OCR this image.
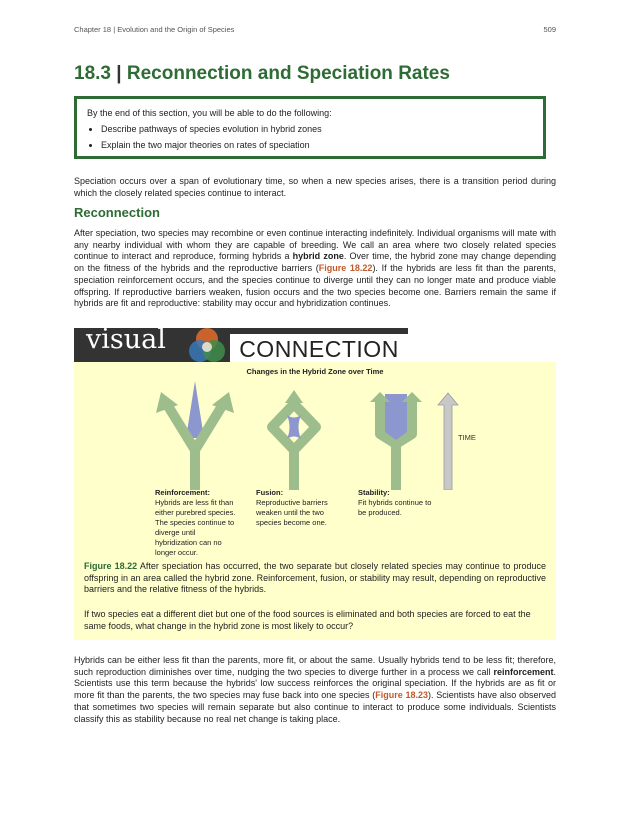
Chapter 18 | Evolution and the Origin of Species	509
18.3 | Reconnection and Speciation Rates
By the end of this section, you will be able to do the following:
• Describe pathways of species evolution in hybrid zones
• Explain the two major theories on rates of speciation

Speciation occurs over a span of evolutionary time, so when a new species arises, there is a transition period during which the closely related species continue to interact.

Reconnection

After speciation, two species may recombine or even continue interacting indefinitely. Individual organisms will mate with any nearby individual with whom they are capable of breeding. We call an area where two closely related species continue to interact and reproduce, forming hybrids a hybrid zone. Over time, the hybrid zone may change depending on the fitness of the hybrids and the reproductive barriers (Figure 18.22). If the hybrids are less fit than the parents, speciation reinforcement occurs, and the species continue to diverge until they can no longer mate and produce viable offspring. If reproductive barriers weaken, fusion occurs and the two species become one. Barriers remain the same if hybrids are fit and reproductive: stability may occur and hybridization continues.

visual	CONNECTION

Changes in the Hybrid Zone over Time

TIME
Reinforcement:
Hybrids are less fit than either purebred species. The species continue to diverge until hybridization can no longer occur.
Fusion:
Reproductive barriers weaken until the two species become one.
Stability:
Fit hybrids continue to be produced.

Figure 18.22 After speciation has occurred, the two separate but closely related species may continue to produce offspring in an area called the hybrid zone. Reinforcement, fusion, or stability may result, depending on reproductive barriers and the relative fitness of the hybrids.

If two species eat a different diet but one of the food sources is eliminated and both species are forced to eat the same foods, what change in the hybrid zone is most likely to occur?

Hybrids can be either less fit than the parents, more fit, or about the same. Usually hybrids tend to be less fit; therefore, such reproduction diminishes over time, nudging the two species to diverge further in a process we call reinforcement. Scientists use this term because the hybrids' low success reinforces the original speciation. If the hybrids are as fit or more fit than the parents, the two species may fuse back into one species (Figure 18.23). Scientists have also observed that sometimes two species will remain separate but also continue to interact to produce some individuals. Scientists classify this as stability because no real net change is taking place.
